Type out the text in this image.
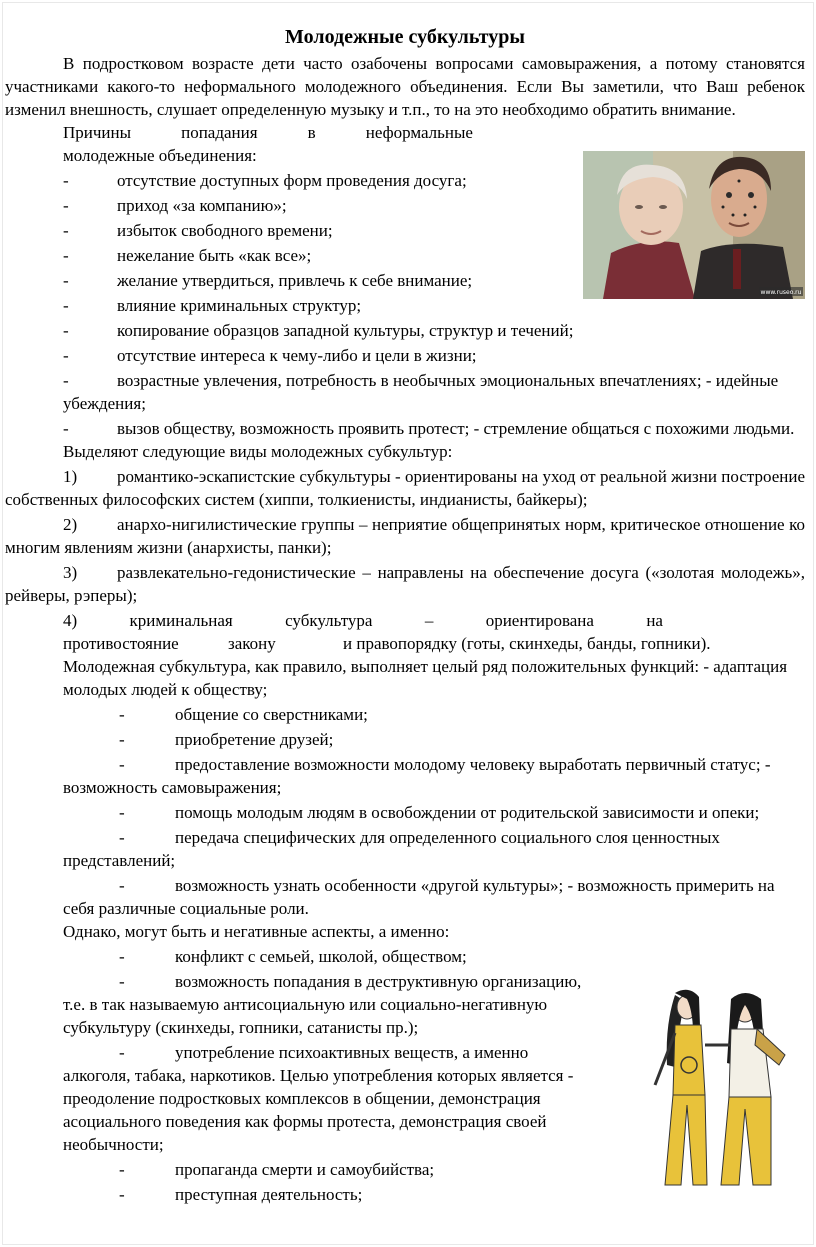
Молодежные субкультуры

В подростковом возрасте дети часто озабочены вопросами самовыражения, а потому становятся участниками какого-то неформального молодежного объединения. Если Вы заметили, что Ваш ребенок изменил внешность, слушает определенную музыку и т.п., то на это необходимо обратить внимание.

Причины	попадания	в	неформальные

молодежные объединения:

-	отсутствие доступных форм проведения досуга;
-	приход «за компанию»;
-	избыток свободного времени;
-	нежелание быть «как все»;
-	желание утвердиться, привлечь к себе внимание;
-	влияние криминальных структур;
-	копирование образцов западной культуры, структур и течений;
-	отсутствие интереса к чему-либо и цели в жизни;
-	возрастные увлечения, потребность в необычных эмоциональных впечатлениях; - идейные убеждения;
-	вызов обществу, возможность проявить протест; - стремление общаться с похожими людьми.

Выделяют следующие виды молодежных субкультур:

1) романтико-эскапистские субкультуры - ориентированы на уход от реальной жизни построение собственных философских систем (хиппи, толкиенисты, индианисты, байкеры);

2) анархо-нигилистические группы – неприятие общепринятых норм, критическое отношение ко многим явлениям жизни (анархисты, панки);

3) развлекательно-гедонистические – направлены на обеспечение досуга («золотая молодежь», рейверы, рэперы);

4)	криминальная	субкультура	–	ориентирована	на
противостояние	закону	и правопорядку (готы, скинхеды, банды, гопники).

Молодежная субкультура, как правило, выполняет целый ряд положительных функций: - адаптация молодых людей к обществу;

-	общение со сверстниками;
-	приобретение друзей;
-	предоставление возможности молодому человеку выработать первичный статус; - возможность самовыражения;
-	помощь молодым людям в освобождении от родительской зависимости и опеки;
-	передача специфических для определенного социального слоя ценностных представлений;
-	возможность узнать особенности «другой культуры»; - возможность примерить на себя различные социальные роли.

Однако, могут быть и негативные аспекты, а именно:

-	конфликт с семьей, школой, обществом;
-	возможность попадания в деструктивную организацию, т.е. в так называемую антисоциальную или социально-негативную субкультуру (скинхеды, гопники, сатанисты пр.);
-	употребление психоактивных веществ, а именно алкоголя, табака, наркотиков. Целью употребления которых является - преодоление подростковых комплексов в общении, демонстрация асоциального поведения как формы протеста, демонстрация своей необычности;
-	пропаганда смерти и самоубийства;
-	преступная деятельность;
www.ruseo.ru
